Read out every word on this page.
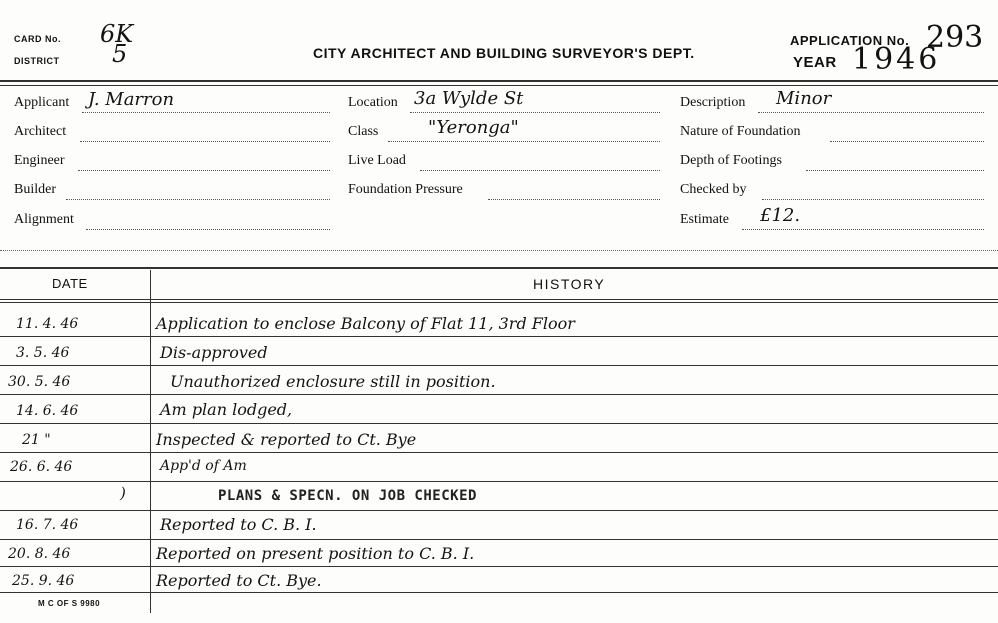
CARD No. 6K
DISTRICT 5	CITY ARCHITECT AND BUILDING SURVEYOR'S DEPT.
APPLICATION No. 293
YEAR 1946
Applicant J. Marron
Architect
Engineer
Builder
Alignment
Location 3a Wylde St
Class	"Yeronga"
Live Load
Foundation Pressure
Description Minor
Nature of Foundation
Depth of Footings
Checked by
Estimate £12.
DATE	HISTORY
11. 4. 46	Application to enclose Balcony of Flat 11, 3rd Floor
3. 5. 46	Dis-approved
30. 5. 46	Unauthorized enclosure still in position.
14. 6. 46	Am plan lodged,
21 "	Inspected & reported to Ct. Bye
26. 6. 46	App'd of Am
)	PLANS & SPECN. ON JOB CHECKED
16. 7. 46	Reported to C. B. I.
20. 8. 46	Reported on present position to C. B. I.
25. 9. 46	Reported to Ct. Bye.
M C OF S 9980
